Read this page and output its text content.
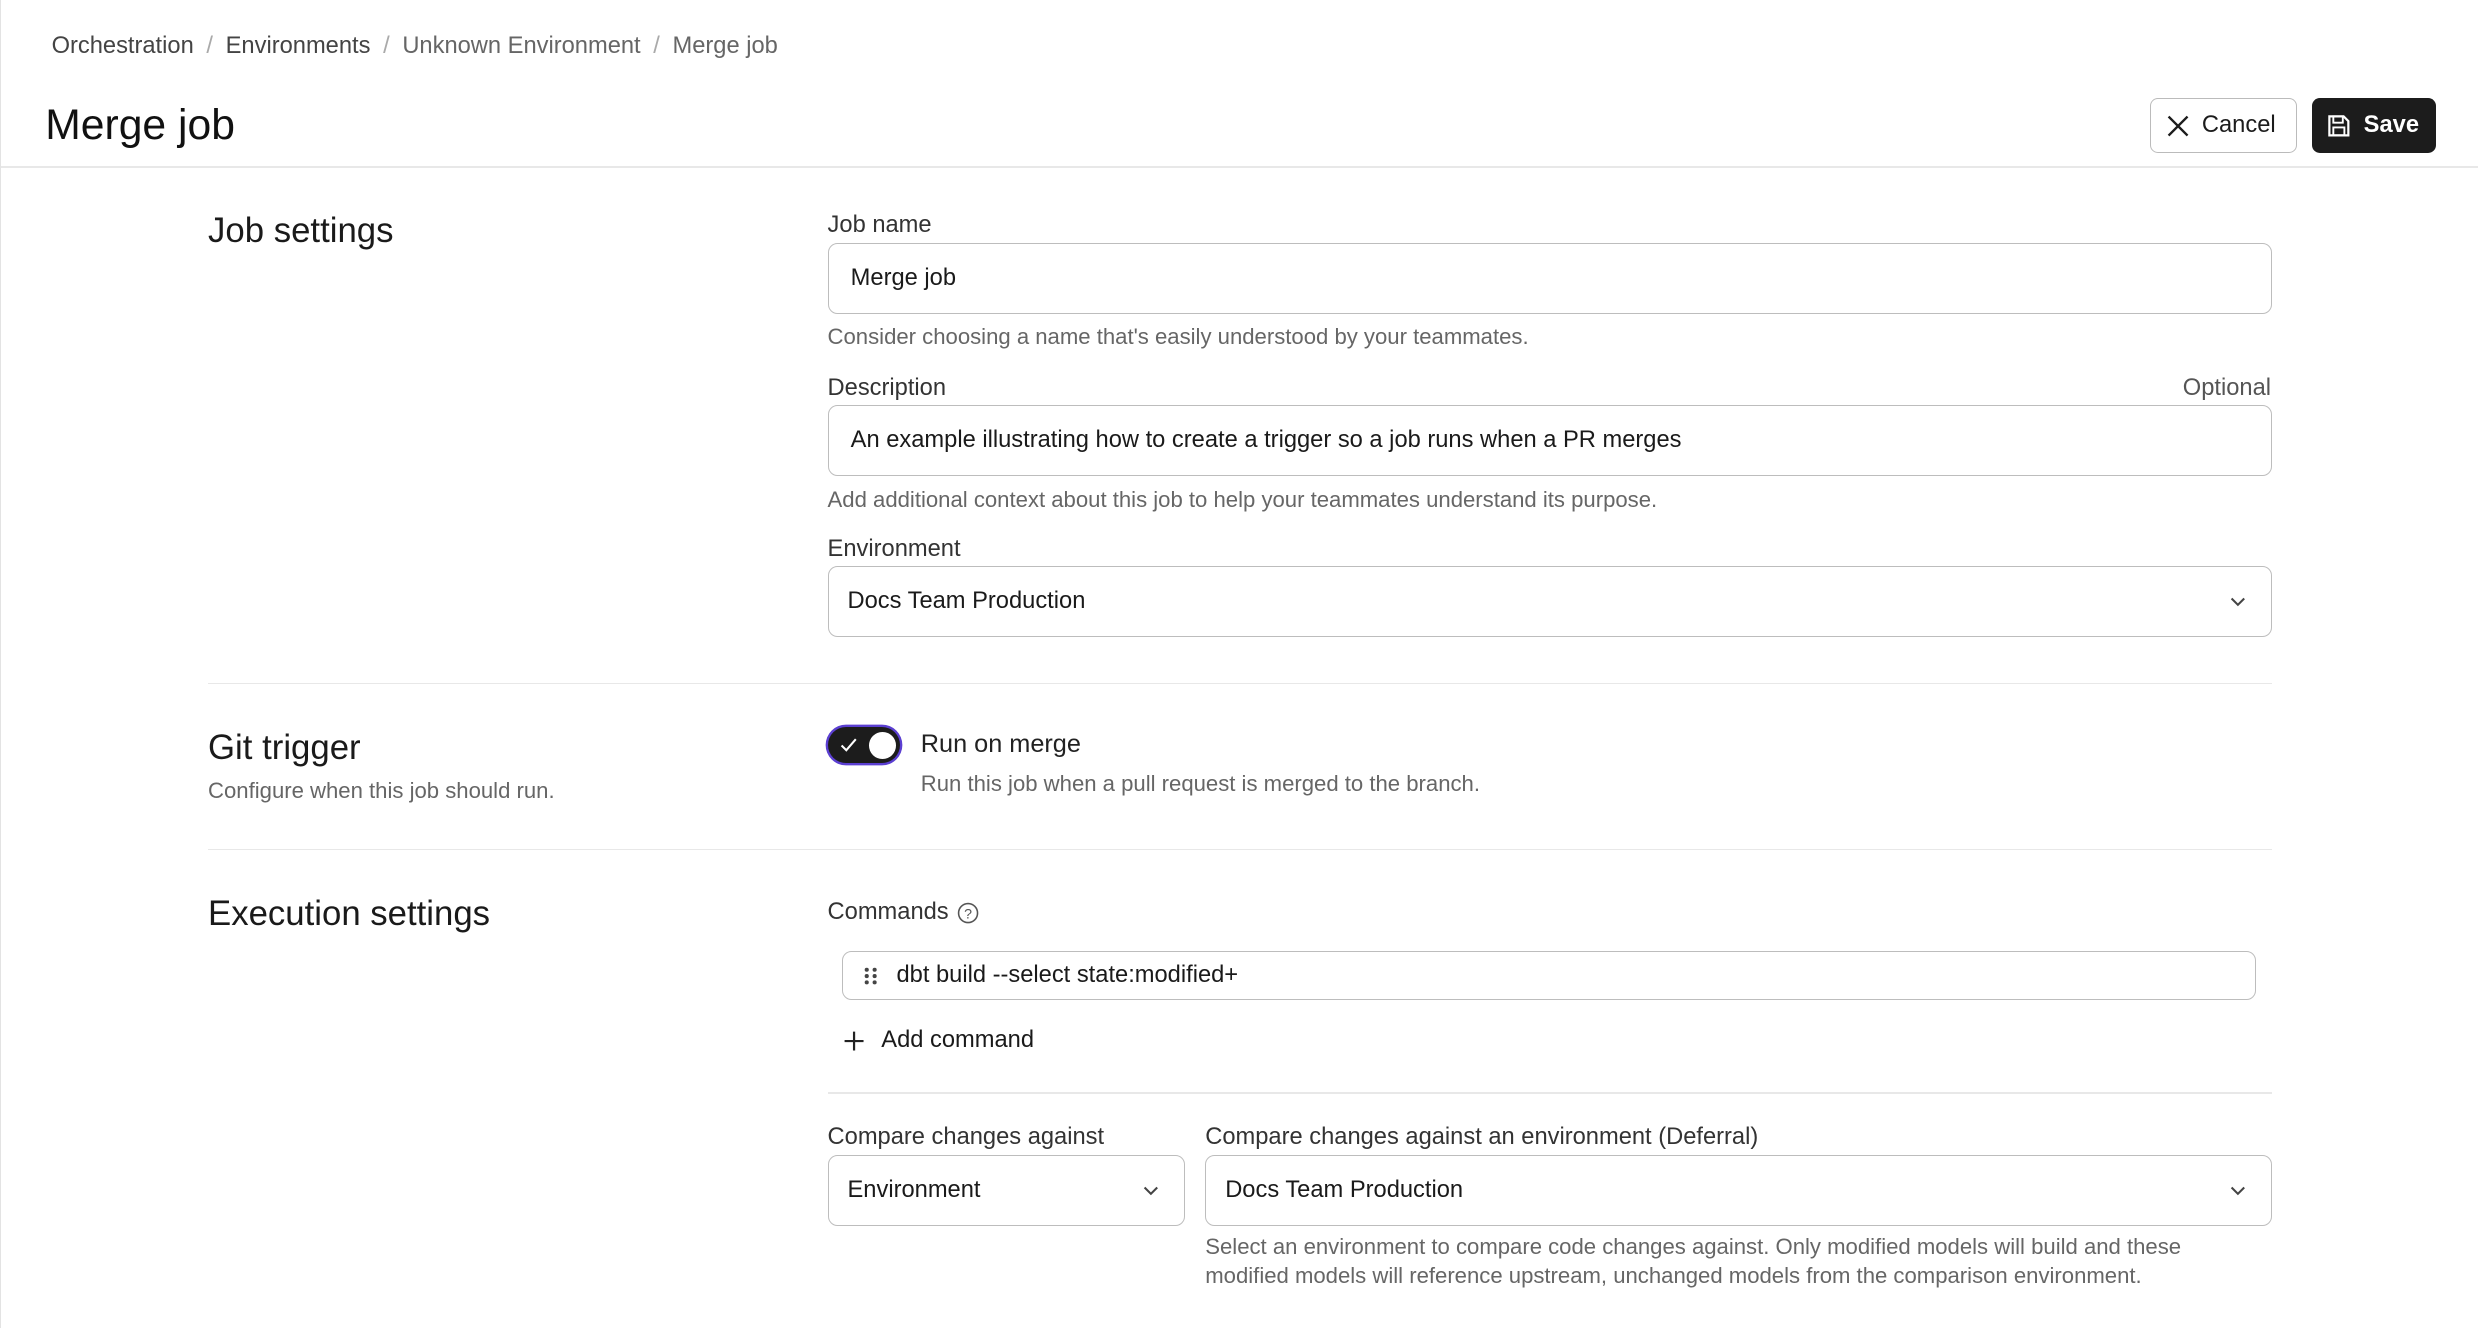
Orchestration / Environments / Unknown Environment / Merge job
Merge job	Cancel	Save
Job settings	Job name
Merge job
Consider choosing a name that's easily understood by your teammates.
Description	Optional
An example illustrating how to create a trigger so a job runs when a PR merges
Add additional context about this job to help your teammates understand its purpose.
Environment
Docs Team Production
Git trigger
Configure when this job should run.
Run on merge
Run this job when a pull request is merged to the branch.
Execution settings	Commands ?
dbt build --select state:modified+
Add command
Compare changes against
Environment
Compare changes against an environment (Deferral)
Docs Team Production
Select an environment to compare code changes against. Only modified models will build and these
modified models will reference upstream, unchanged models from the comparison environment.
